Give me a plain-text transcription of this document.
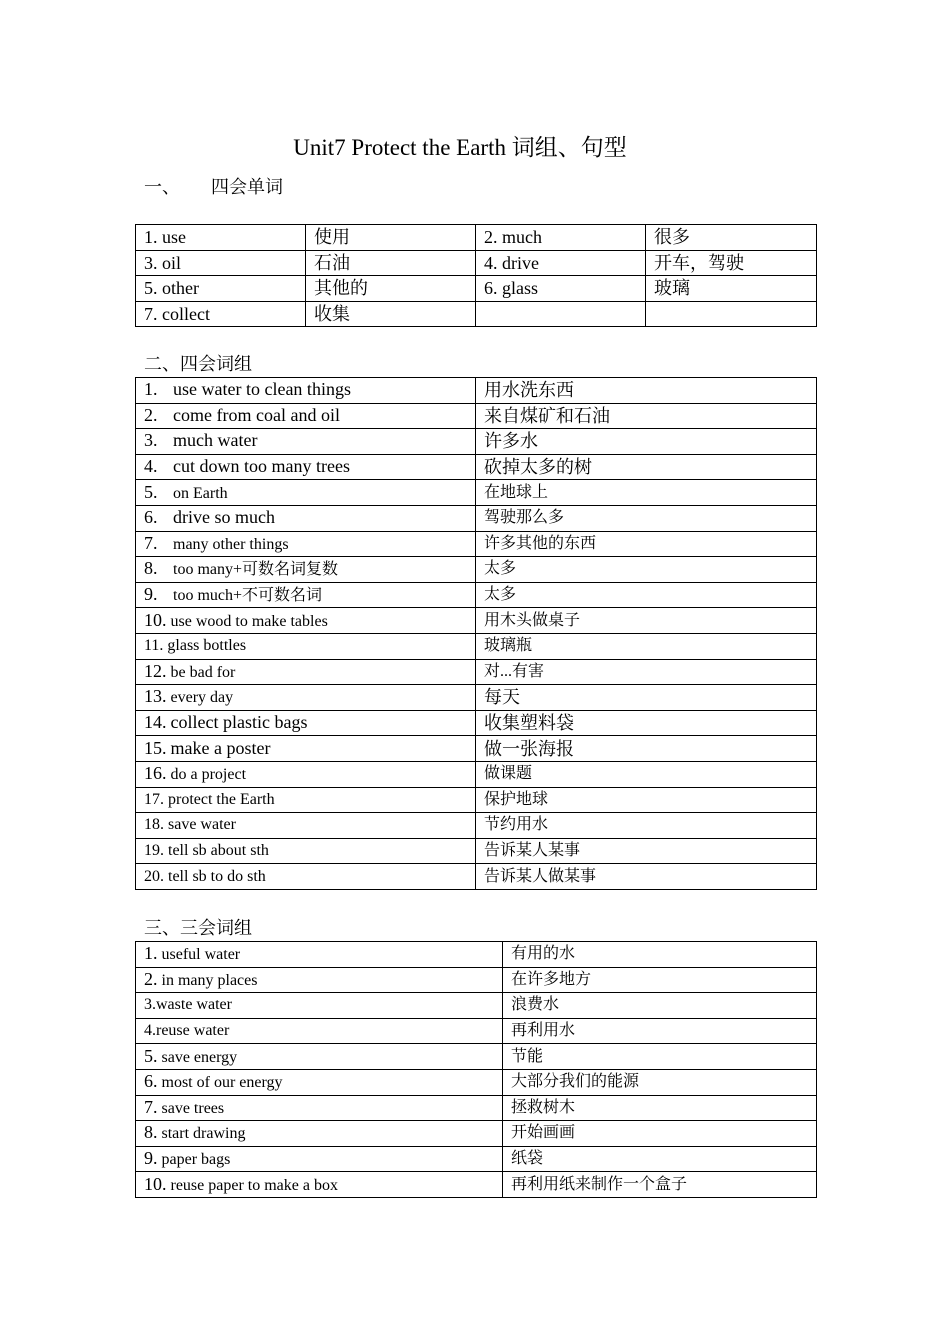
Unit7 Protect the Earth 词组、句型
一、 四会单词
1. use	使用	2. much	很多
3. oil	石油	4. drive	开车，驾驶
5. other	其他的	6. glass	玻璃
7. collect	收集		
二、四会词组
1. use water to clean things	用水洗东西
2. come from coal and oil	来自煤矿和石油
3. much water	许多水
4. cut down too many trees	砍掉太多的树
5. on Earth	在地球上
6. drive so much	驾驶那么多
7. many other things	许多其他的东西
8. too many+可数名词复数	太多
9. too much+不可数名词	太多
10. use wood to make tables	用木头做桌子
11. glass bottles	玻璃瓶
12. be bad for	对...有害
13. every day	每天
14. collect plastic bags	收集塑料袋
15. make a poster	做一张海报
16. do a project	做课题
17. protect the Earth	保护地球
18. save water	节约用水
19. tell sb about sth	告诉某人某事
20. tell sb to do sth	告诉某人做某事
三、三会词组
1. useful water	有用的水
2. in many places	在许多地方
3.waste water	浪费水
4.reuse water	再利用水
5. save energy	节能
6. most of our energy	大部分我们的能源
7. save trees	拯救树木
8. start drawing	开始画画
9. paper bags	纸袋
10. reuse paper to make a box	再利用纸来制作一个盒子
